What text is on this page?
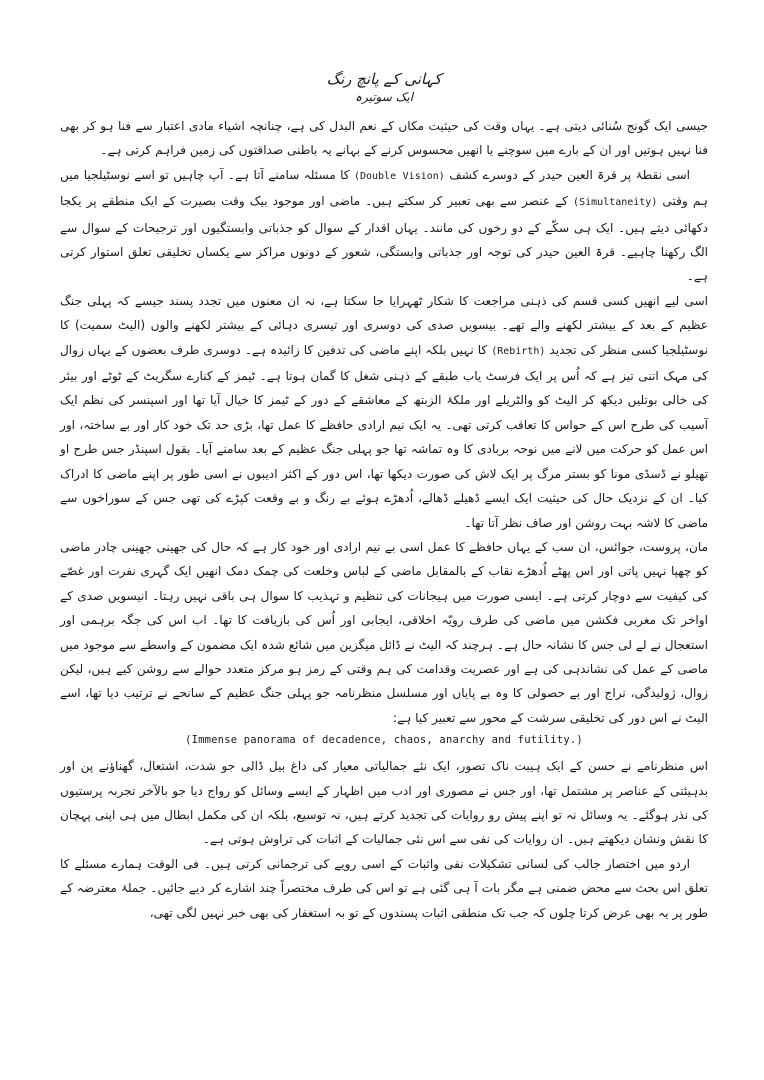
کہانی کے پانچ رنگ
ایک سوتیرہ

جیسی ایک گونج سُنائی دیتی ہے۔ یہاں وقت کی حیثیت مکاں کے نعم البدل کی ہے، چنانچہ اشیاء مادی اعتبار سے فنا ہو کر بھی فنا نہیں ہوتیں اور ان کے بارے میں سوچنے یا انھیں محسوس کرنے کے بہانے یہ باطنی صداقتوں کی زمین فراہم کرتی ہے۔

اسی نقطۂ پر قرۃ العین حیدر کے دوسرے کشف (Double Vision) کا مسئلہ سامنے آتا ہے۔ آپ چاہیں تو اسے نوسٹیلجیا میں ہم وقتی (Simultaneity) کے عنصر سے بھی تعبیر کر سکتے ہیں۔ ماضی اور موجود بیک وقت بصیرت کے ایک منطقے پر یکجا دکھائی دیتے ہیں۔ ایک ہی سکّے کے دو رخوں کی مانند۔ یہاں اقدار کے سوال کو جذباتی وابستگیوں اور ترجیحات کے سوال سے الگ رکھنا چاہیے۔ قرۃ العین حیدر کی توجہ اور جذباتی وابستگی، شعور کے دونوں مراکز سے یکساں تخلیقی تعلق استوار کرتی ہے۔

اسی لیے انھیں کسی قسم کی ذہنی مراجعت کا شکار ٹھہرایا جا سکتا ہے، نہ ان معنوں میں تجدد پسند جیسے کہ پہلی جنگ عظیم کے بعد کے بیشتر لکھنے والے تھے۔ بیسویں صدی کی دوسری اور تیسری دہائی کے بیشتر لکھنے والوں (الیٹ سمیت) کا نوسٹیلجیا کسی منظر کی تجدید (Rebirth) کا نہیں بلکہ اپنے ماضی کی تدفین کا زائیدہ ہے۔ دوسری طرف بعضوں کے یہاں زوال کی مہک اتنی تیز ہے کہ اُس پر ایک فرسٹ یاب طبقے کے ذہنی شغل کا گمان ہوتا ہے۔ ٹیمز کے کنارے سگریٹ کے ٹوٹے اور بیئر کی خالی بوتلیں دیکھ کر الیٹ کو والٹریلے اور ملکۂ الزبتھ کے معاشقے کے دور کے ٹیمز کا خیال آیا تھا اور اسپنسر کی نظم ایک آسیب کی طرح اس کے حواس کا تعاقب کرتی تھی۔ یہ ایک نیم ارادی حافظے کا عمل تھا، بڑی حد تک خود کار اور بے ساختہ، اور اس عمل کو حرکت میں لانے میں نوحہ بربادی کا وہ تماشہ تھا جو پہلی جنگ عظیم کے بعد سامنے آیا۔ بقول اسپنڈر جس طرح او تھیلو نے ڈسڈی مونا کو بستر مرگ پر ایک لاش کی صورت دیکھا تھا، اس دور کے اکثر ادیبوں نے اسی طور پر اپنے ماضی کا ادراک کیا۔ ان کے نزدیک حال کی حیثیت ایک ایسے ڈھیلے ڈھالے، اُدھڑے ہوئے بے رنگ و بے وقعت کپڑے کی تھی جس کے سوراخوں سے ماضی کا لاشہ بہت روشن اور صاف نظر آتا تھا۔

مان، پروست، جوائس، ان سب کے یہاں حافظے کا عمل اسی بے نیم ارادی اور خود کار ہے کہ حال کی جھینی جھینی چادر ماضی کو چھپا نہیں پاتی اور اس پھٹے اُدھڑے نقاب کے بالمقابل ماضی کے لباس وخلعت کی چمک دمک انھیں ایک گہری نفرت اور غصّے کی کیفیت سے دوچار کرتی ہے۔ ایسی صورت میں ہیجانات کی تنظیم و تہذیب کا سوال ہی باقی نہیں رہتا۔ انیسویں صدی کے اواخر تک مغربی فکشن میں ماضی کی طرف رویّہ اخلاقی، ایجابی اور اُس کی بازیافت کا تھا۔ اب اس کی جگہ برہمی اور استعجال نے لے لی جس کا نشانہ حال ہے۔ ہرچند کہ الیٹ نے ڈائل میگزین میں شائع شدہ ایک مضمون کے واسطے سے موجود میں ماضی کے عمل کی نشاندہی کی ہے اور عصریت وقدامت کی ہم وقتی کے رمز ہو مرکز متعدد حوالے سے روشن کیے ہیں، لیکن زوال، ژولیدگی، نراج اور بے حصولی کا وہ بے پایاں اور مسلسل منظرنامہ جو پہلی جنگ عظیم کے سانحے نے ترتیب دیا تھا، اسے الیٹ نے اس دور کی تخلیقی سرشت کے محور سے تعبیر کیا ہے:

(Immense panorama of decadence, chaos, anarchy and futility.)

اس منظرنامے نے حسن کے ایک ہیبت ناک تصور، ایک نئے جمالیاتی معیار کی داغ بیل ڈالی جو شدت، اشتعال، گھناؤنے پن اور بدہیئتی کے عناصر پر مشتمل تھا، اور جس نے مصوری اور ادب میں اظہار کے ایسے وسائل کو رواج دیا جو بالآخر تجربہ پرستیوں کی نذر ہوگئے۔ یہ وسائل نہ تو اپنے پیش رو روایات کی تجدید کرتے ہیں، نہ توسیع، بلکہ ان کی مکمل ابطال میں ہی اپنی پہچان کا نقش ونشان دیکھتے ہیں۔ ان روایات کی نفی سے اس نئی جمالیات کے اثبات کی تراوش ہوتی ہے۔

اردو میں اختصار جالب کی لسانی تشکیلات نفی واثبات کے اسی رویے کی ترجمانی کرتی ہیں۔ فی الوقت ہمارے مسئلے کا تعلق اس بحث سے محض ضمنی ہے مگر بات آ ہی گئی ہے تو اس کی طرف مختصراً چند اشارے کر دیے جائیں۔ جملۂ معترضہ کے طور پر یہ بھی عرض کرتا چلوں کہ جب تک منطقی اثبات پسندوں کے تو بہ استغفار کی بھی خبر نہیں لگی تھی،
